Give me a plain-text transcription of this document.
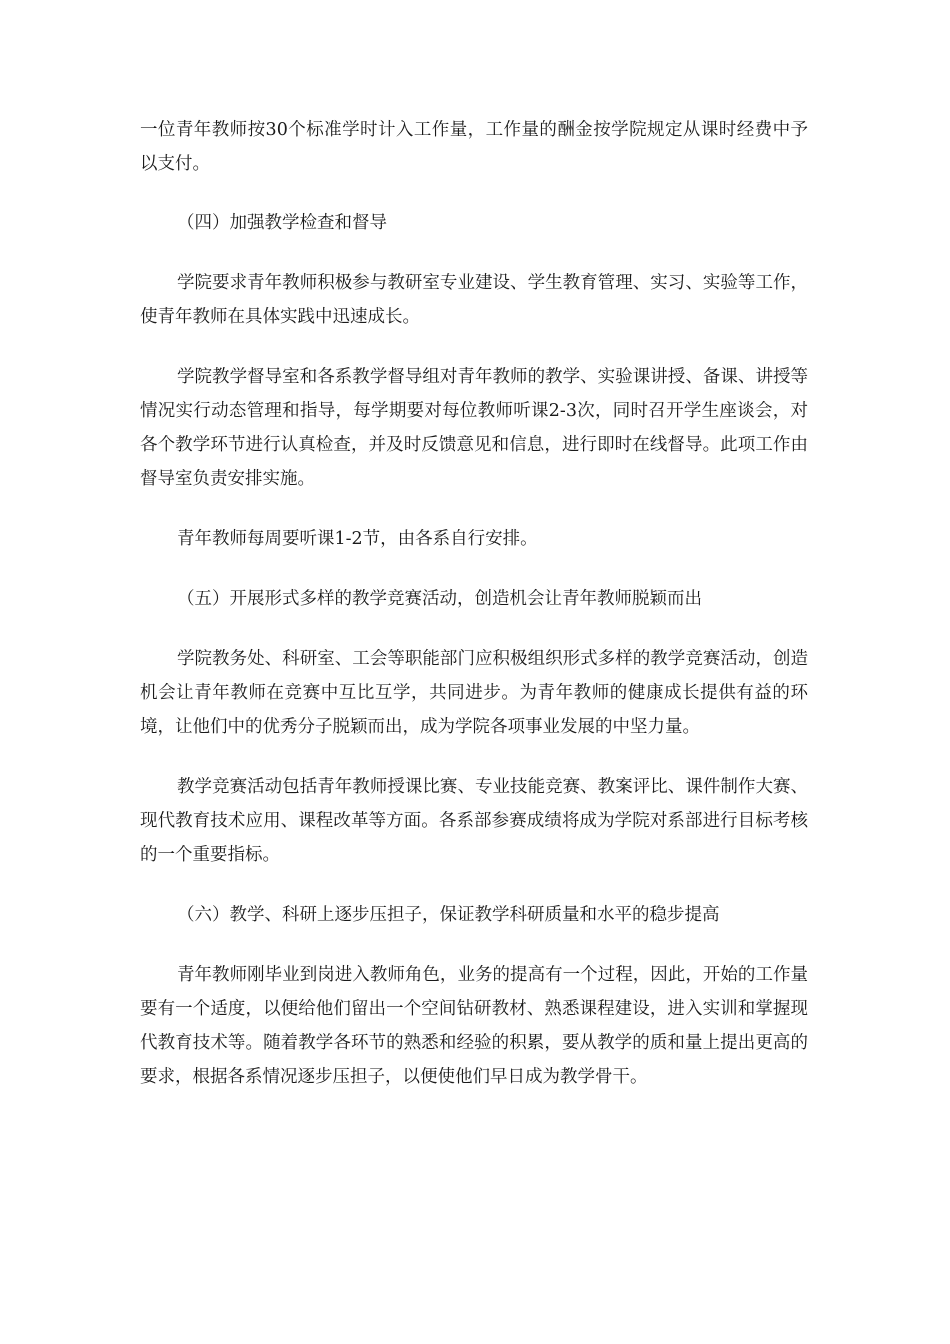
一位青年教师按30个标准学时计入工作量，工作量的酬金按学院规定从课时经费中予以支付。

（四）加强教学检查和督导

学院要求青年教师积极参与教研室专业建设、学生教育管理、实习、实验等工作，使青年教师在具体实践中迅速成长。

学院教学督导室和各系教学督导组对青年教师的教学、实验课讲授、备课、讲授等情况实行动态管理和指导，每学期要对每位教师听课2-3次，同时召开学生座谈会，对各个教学环节进行认真检查，并及时反馈意见和信息，进行即时在线督导。此项工作由督导室负责安排实施。

青年教师每周要听课1-2节，由各系自行安排。

（五）开展形式多样的教学竞赛活动，创造机会让青年教师脱颖而出

学院教务处、科研室、工会等职能部门应积极组织形式多样的教学竞赛活动，创造机会让青年教师在竞赛中互比互学，共同进步。为青年教师的健康成长提供有益的环境，让他们中的优秀分子脱颖而出，成为学院各项事业发展的中坚力量。

教学竞赛活动包括青年教师授课比赛、专业技能竞赛、教案评比、课件制作大赛、现代教育技术应用、课程改革等方面。各系部参赛成绩将成为学院对系部进行目标考核的一个重要指标。

（六）教学、科研上逐步压担子，保证教学科研质量和水平的稳步提高

青年教师刚毕业到岗进入教师角色，业务的提高有一个过程，因此，开始的工作量要有一个适度，以便给他们留出一个空间钻研教材、熟悉课程建设，进入实训和掌握现代教育技术等。随着教学各环节的熟悉和经验的积累，要从教学的质和量上提出更高的要求，根据各系情况逐步压担子，以便使他们早日成为教学骨干。
